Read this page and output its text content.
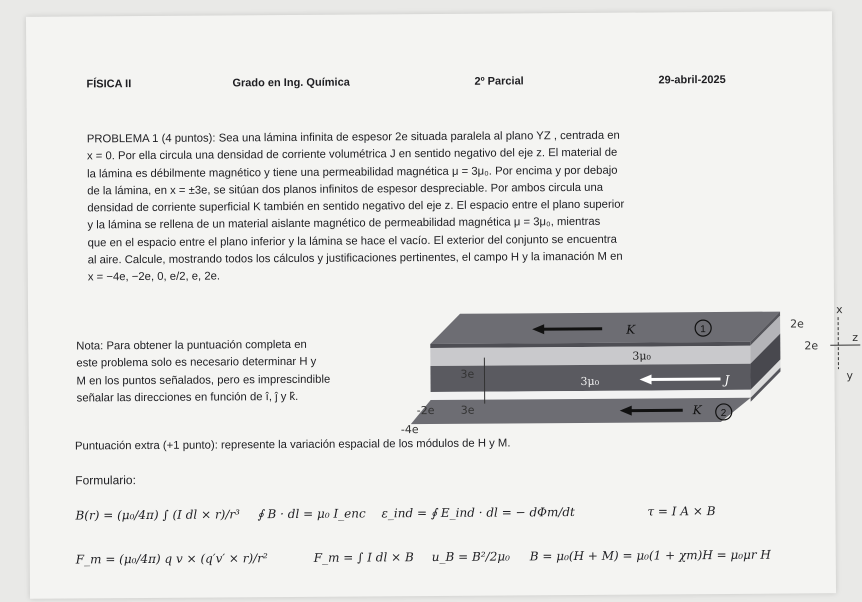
FÍSICA II	Grado en Ing. Química	2º Parcial	29-abril-2025
PROBLEMA 1 (4 puntos): Sea una lámina infinita de espesor 2e situada paralela al plano YZ , centrada en
x = 0. Por ella circula una densidad de corriente volumétrica J en sentido negativo del eje z. El material de
la lámina es débilmente magnético y tiene una permeabilidad magnética μ = 3μ₀. Por encima y por debajo
de la lámina, en x = ±3e, se sitúan dos planos infinitos de espesor despreciable. Por ambos circula una
densidad de corriente superficial K también en sentido negativo del eje z. El espacio entre el plano superior
y la lámina se rellena de un material aislante magnético de permeabilidad magnética μ = 3μ₀, mientras
que en el espacio entre el plano inferior y la lámina se hace el vacío. El exterior del conjunto se encuentra
al aire. Calcule, mostrando todos los cálculos y justificaciones pertinentes, el campo H y la imanación M en
x = −4e, −2e, 0, e/2, e, 2e.
Nota: Para obtener la puntuación completa en
este problema solo es necesario determinar H y
M en los puntos señalados, pero es imprescindible
señalar las direcciones en función de î, ĵ y k̂.
K	1
3μ₀
3μ₀	J
K 2
3e
3e
-2e
-4e
2e
2e
x
z
y
Puntuación extra (+1 punto): represente la variación espacial de los módulos de H y M.
Formulario:
B(r) = (μ₀/4π) ∫ (I dl × r)/r³ ∮ B · dl = μ₀ I_enc ε_ind = ∮ E_ind · dl = − dΦm/dt	τ = I A × B
F_m = (μ₀/4π) q v × (q′v′ × r)/r²	F_m = ∫ I dl × B u_B = B²/2μ₀ B = μ₀(H + M) = μ₀(1 + χm)H = μ₀μr H
